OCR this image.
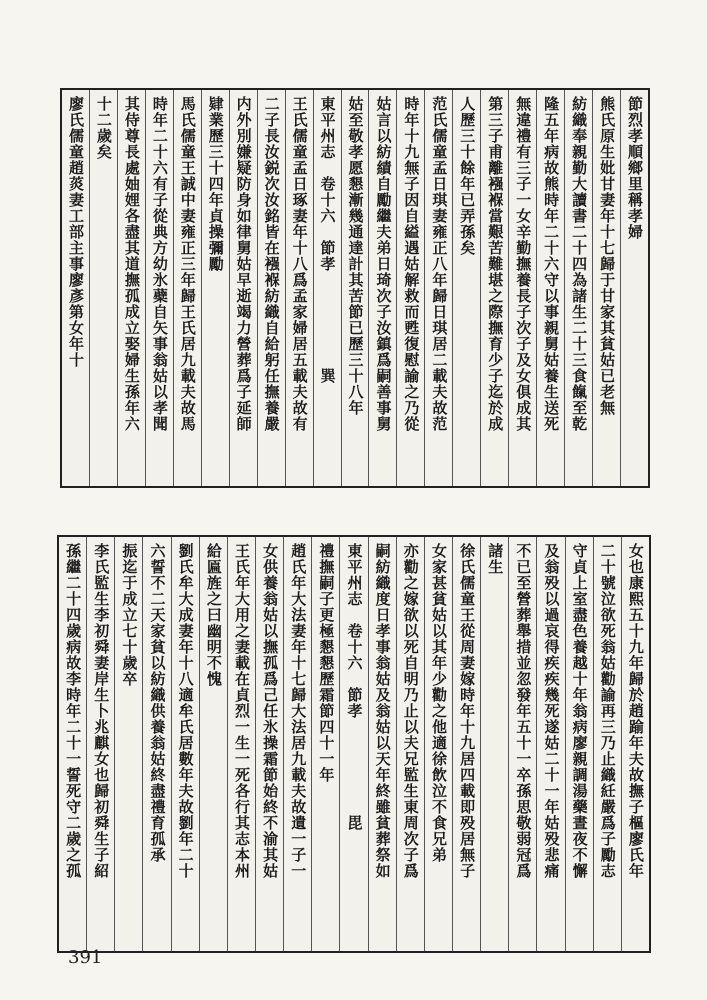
節烈孝順鄉里稱孝婦
熊氏原生妣甘妻年十七歸于甘家其貧姑已老無
紡織奉親勤大讀書二十四為諸生二十三食餼至乾
隆五年病故熊時年二十六守以事親舅姑養生送死
無違禮有三子一女辛勤撫養長子次子及女俱成其
第三子甫離襁褓當艱苦難堪之際撫育少子迄於成
人歷三十餘年已弄孫矣
范氏儒童孟日琪妻雍正八年歸日琪居二載夫故范
時年十九無子因自縊遇姑解救而甦復慰諭之乃從
姑言以紡績自勵繼夫弟日琦次子汝鎮爲嗣善事舅
姑至敬孝愿懇漸幾通達計其苦節已歷三十八年
東平州志　卷十六　節孝　　　　　　巽
王氏儒童孟日琢妻年十八爲孟家婦居五載夫故有
二子長汝鋭次汝銘皆在襁褓紡織自給躬任撫養嚴
内外別嫌疑防身如律舅姑早逝竭力營葬爲子延師
肄業歷三十四年貞操彌勵
馬氏儒童王誠中妻雍正三年歸王氏居九載夫故馬
時年二十六有子從典方幼氷蘗自矢事翁姑以孝聞
其侍尊長處妯娌各盡其道撫孤成立娶婦生孫年六
十二歲矣
廖氏儒童趙菼妻工部主事廖彥第女年十
女也康熙五十九年歸於趙踰年夫故撫子樞廖氏年
二十號泣欲死翁姑勸諭再三乃止織紝嚴爲子勵志
守貞上室盡色養越十年翁病廖親調湯藥晝夜不懈
及翁殁以過哀得疾疾幾死遂姑二十一年姑殁悲痛
不已至營葬舉措並忽發年五十一卒孫思敬弱冠爲
諸生
徐氏儒童王從周妻嫁時年十九居四載即殁居無子
女家甚貧姑以其年少勸之他適徐飲泣不食兄弟
亦勸之嫁欲以死自明乃止以夫兄監生東周次子爲
嗣紡織度日孝事翁姑及翁姑以天年終雖貧葬祭如
東平州志　卷十六　節孝　　　　　　毘
禮撫嗣子更極懇懇歷霜節四十一年
趙氏年大法妻年十七歸大法居九載夫故遺一子一
女供養翁姑以撫孤爲己任氷操霜節始終不渝其姑
王氏年大用之妻載在貞烈一生一死各行其志本州
給匾旌之曰幽明不愧
劉氏牟大成妻年十八適牟氏居數年夫故劉年二十
六誓不二天家貧以紡織供養翁姑終盡禮育孤承
振迄于成立七十歲卒
李氏監生李初舜妻岸生卜兆麒女也歸初舜生子紹
孫繼二十四歲病故李時年二十一誓死守二歲之孤
391
